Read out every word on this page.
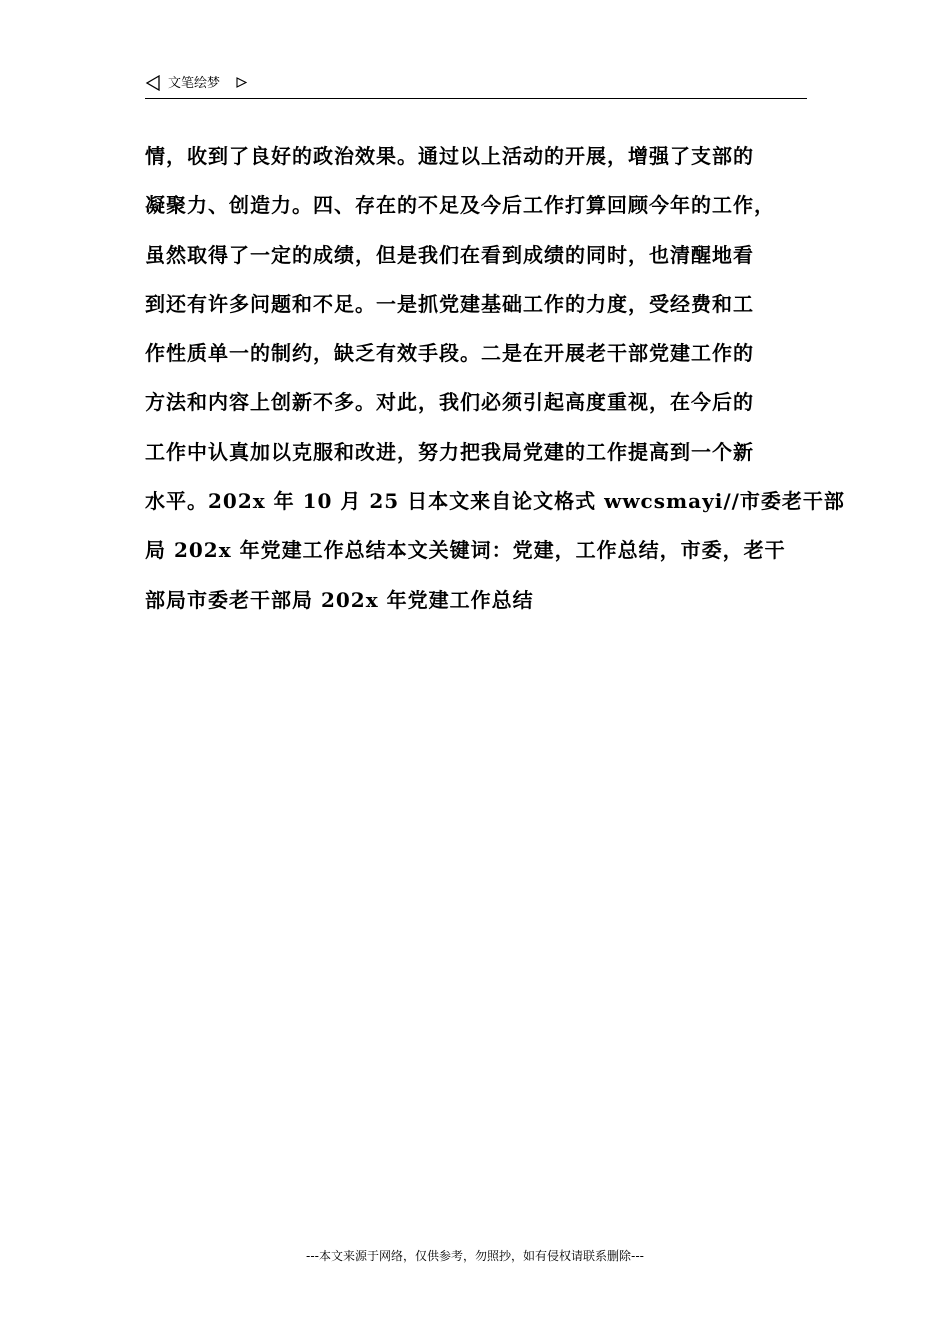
文笔绘梦
情，收到了良好的政治效果。通过以上活动的开展，增强了支部的
凝聚力、创造力。四、存在的不足及今后工作打算回顾今年的工作，
虽然取得了一定的成绩，但是我们在看到成绩的同时，也清醒地看
到还有许多问题和不足。一是抓党建基础工作的力度，受经费和工
作性质单一的制约，缺乏有效手段。二是在开展老干部党建工作的
方法和内容上创新不多。对此，我们必须引起高度重视，在今后的
工作中认真加以克服和改进，努力把我局党建的工作提高到一个新
水平。202x 年 10 月 25 日本文来自论文格式 wwcsmayi//市委老干部
局 202x 年党建工作总结本文关键词：党建，工作总结，市委，老干
部局市委老干部局 202x 年党建工作总结
---本文来源于网络，仅供参考，勿照抄，如有侵权请联系删除---
